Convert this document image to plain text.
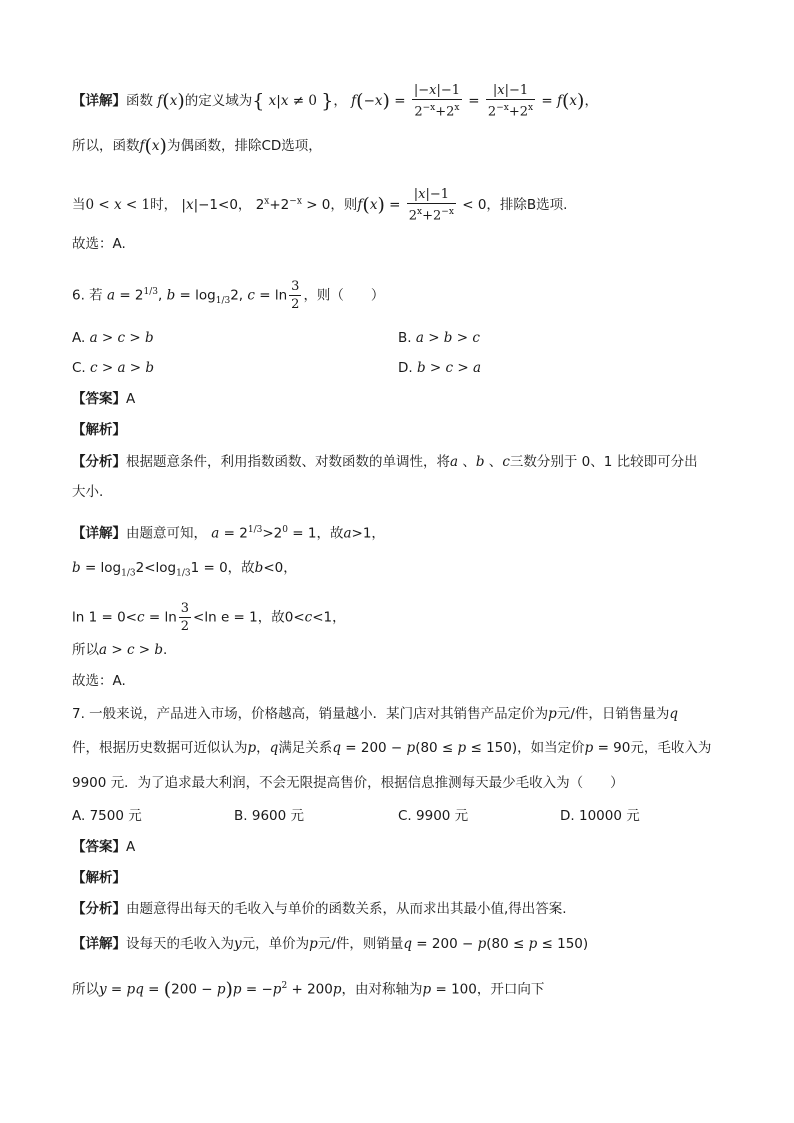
【详解】函数 f(x)的定义域为{ x|x ≠ 0 }， $f(-x) = \frac{|-x|-1}{2^{-x}+2^x} = \frac{|x|-1}{2^{-x}+2^x} = f(x)$，
所以，函数f(x)为偶函数，排除CD选项，
当0 < x < 1时， |x|−1<0， $2^x+2^{-x} > 0$，则$f(x) = \frac{|x|-1}{2^x+2^{-x}} < 0$，排除B选项.
故选：A.
6. 若 $a = 2^{1/3}$, $b = \log_{1/3}2$, $c = \ln \frac{3}{2}$ ，则（　　）
A. a > c > b	B. a > b > c
C. c > a > b	D. b > c > a
【答案】A
【解析】
【分析】根据题意条件，利用指数函数、对数函数的单调性，将a 、b 、c三数分别于 0、1 比较即可分出
大小.
【详解】由题意可知， $a = 2^{1/3}>2^0 = 1$，故a>1，
$b = \log_{1/3}2<\log_{1/3}1 = 0$，故b<0，
$\ln 1 = 0<c = \ln \frac{3}{2} <\ln$ e = 1，故0<c<1，
所以a > c > b.
故选：A.
7. 一般来说，产品进入市场，价格越高，销量越小．某门店对其销售产品定价为p元/件，日销售量为q
件，根据历史数据可近似认为p，q满足关系q = 200 − p(80 ≤ p ≤ 150)，如当定价p = 90元，毛收入为
9900 元．为了追求最大利润，不会无限提高售价，根据信息推测每天最少毛收入为（　　）
A. 7500 元	B. 9600 元	C. 9900 元	D. 10000 元
【答案】A
【解析】
【分析】由题意得出每天的毛收入与单价的函数关系，从而求出其最小值,得出答案.
【详解】设每天的毛收入为y元，单价为p元/件，则销量q = 200 − p(80 ≤ p ≤ 150)
所以y = pq = $(200 - p)p = -p^2 + 200p$，由对称轴为p = 100，开口向下
